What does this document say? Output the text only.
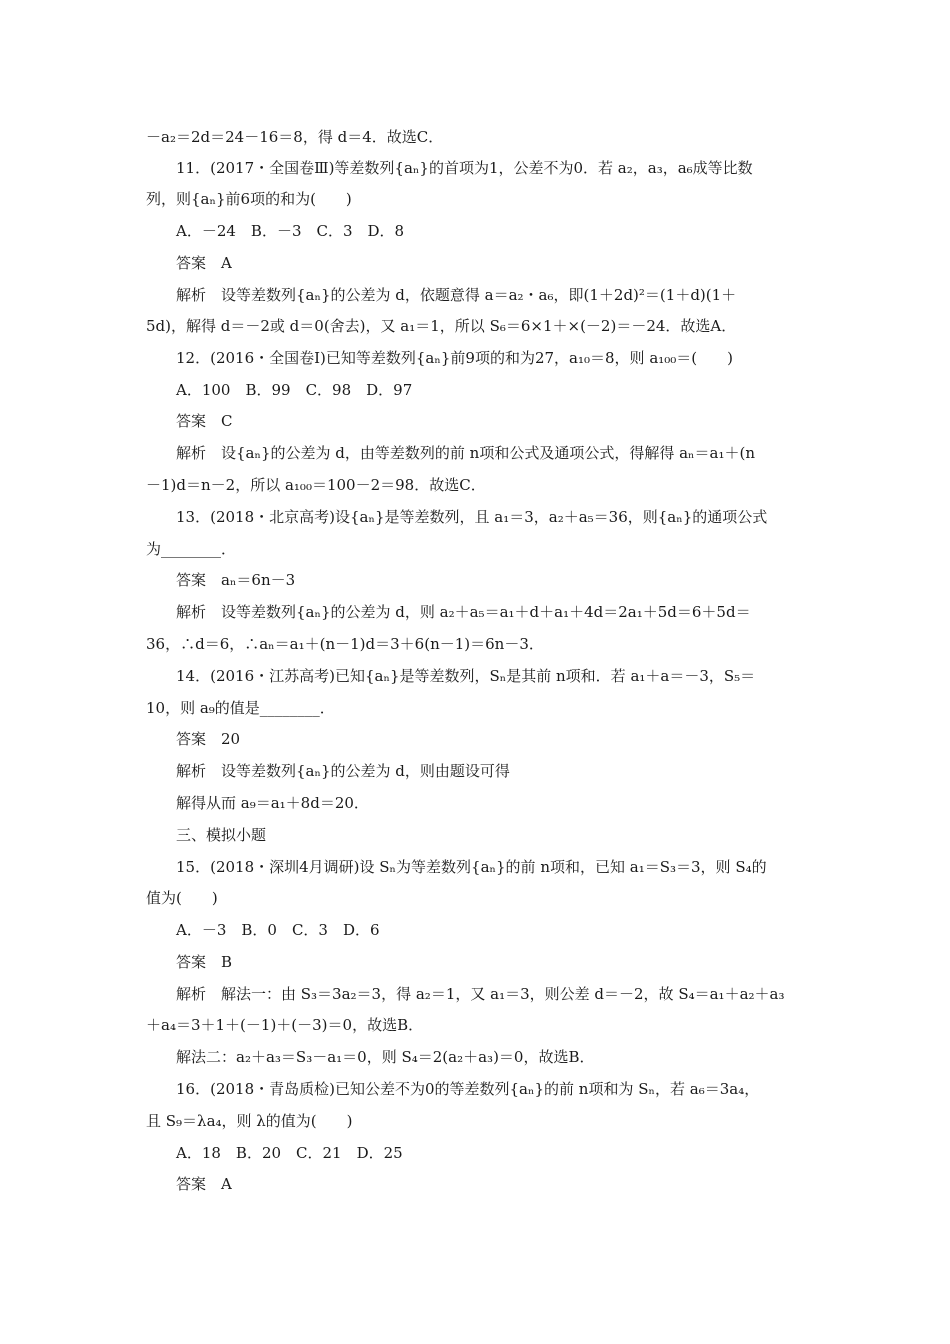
－a₂＝2d＝24－16＝8，得 d＝4．故选C．
11．(2017・全国卷Ⅲ)等差数列{aₙ}的首项为1，公差不为0．若 a₂，a₃，a₆成等比数
列，则{aₙ}前6项的和为(　　)
A．－24　B．－3　C．3　D．8
答案　A
解析　设等差数列{aₙ}的公差为 d，依题意得 a＝a₂・a₆，即(1＋2d)²＝(1＋d)(1＋
5d)，解得 d＝－2或 d＝0(舍去)，又 a₁＝1，所以 S₆＝6×1＋×(－2)＝－24．故选A．
12．(2016・全国卷Ⅰ)已知等差数列{aₙ}前9项的和为27，a₁₀＝8，则 a₁₀₀＝(　　)
A．100　B．99　C．98　D．97
答案　C
解析　设{aₙ}的公差为 d，由等差数列的前 n项和公式及通项公式，得解得 aₙ＝a₁＋(n
－1)d＝n－2，所以 a₁₀₀＝100－2＝98．故选C．
13．(2018・北京高考)设{aₙ}是等差数列，且 a₁＝3，a₂＋a₅＝36，则{aₙ}的通项公式
为________．
答案　aₙ＝6n－3
解析　设等差数列{aₙ}的公差为 d，则 a₂＋a₅＝a₁＋d＋a₁＋4d＝2a₁＋5d＝6＋5d＝
36，∴d＝6，∴aₙ＝a₁＋(n－1)d＝3＋6(n－1)＝6n－3．
14．(2016・江苏高考)已知{aₙ}是等差数列，Sₙ是其前 n项和．若 a₁＋a＝－3，S₅＝
10，则 a₉的值是________．
答案　20
解析　设等差数列{aₙ}的公差为 d，则由题设可得
解得从而 a₉＝a₁＋8d＝20．
三、模拟小题
15．(2018・深圳4月调研)设 Sₙ为等差数列{aₙ}的前 n项和，已知 a₁＝S₃＝3，则 S₄的
值为(　　)
A．－3　B．0　C．3　D．6
答案　B
解析　解法一：由 S₃＝3a₂＝3，得 a₂＝1，又 a₁＝3，则公差 d＝－2，故 S₄＝a₁＋a₂＋a₃
＋a₄＝3＋1＋(－1)＋(－3)＝0，故选B．
解法二：a₂＋a₃＝S₃－a₁＝0，则 S₄＝2(a₂＋a₃)＝0，故选B．
16．(2018・青岛质检)已知公差不为0的等差数列{aₙ}的前 n项和为 Sₙ，若 a₆＝3a₄，
且 S₉＝λa₄，则 λ的值为(　　)
A．18　B．20　C．21　D．25
答案　A
